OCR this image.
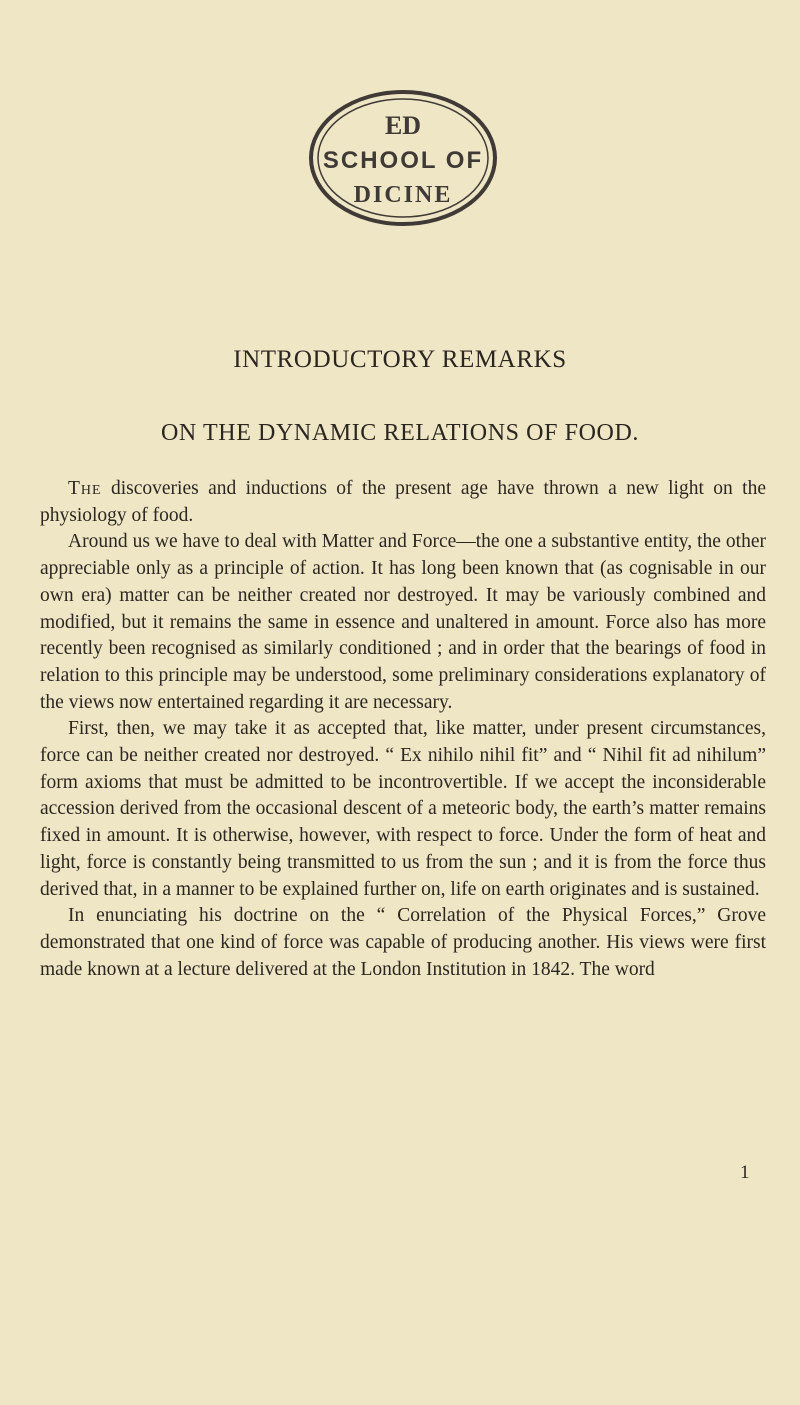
ED
SCHOOL OF
DICINE
INTRODUCTORY REMARKS
ON THE DYNAMIC RELATIONS OF FOOD.

The discoveries and inductions of the present age have thrown a new light on the physiology of food.

Around us we have to deal with Matter and Force—the one a substantive entity, the other appreciable only as a principle of action. It has long been known that (as cognisable in our own era) matter can be neither created nor destroyed. It may be variously combined and modified, but it remains the same in essence and unaltered in amount. Force also has more recently been recognised as similarly conditioned ; and in order that the bearings of food in relation to this principle may be understood, some preliminary considerations explanatory of the views now entertained regarding it are necessary.

First, then, we may take it as accepted that, like matter, under present circumstances, force can be neither created nor destroyed. “ Ex nihilo nihil fit” and “ Nihil fit ad nihilum” form axioms that must be admitted to be incontrovertible. If we accept the inconsiderable accession derived from the occasional descent of a meteoric body, the earth’s matter remains fixed in amount. It is otherwise, however, with respect to force. Under the form of heat and light, force is constantly being transmitted to us from the sun ; and it is from the force thus derived that, in a manner to be explained further on, life on earth originates and is sustained.

In enunciating his doctrine on the “ Correlation of the Physical Forces,” Grove demonstrated that one kind of force was capable of producing another. His views were first made known at a lecture delivered at the London Institution in 1842. The word

1
